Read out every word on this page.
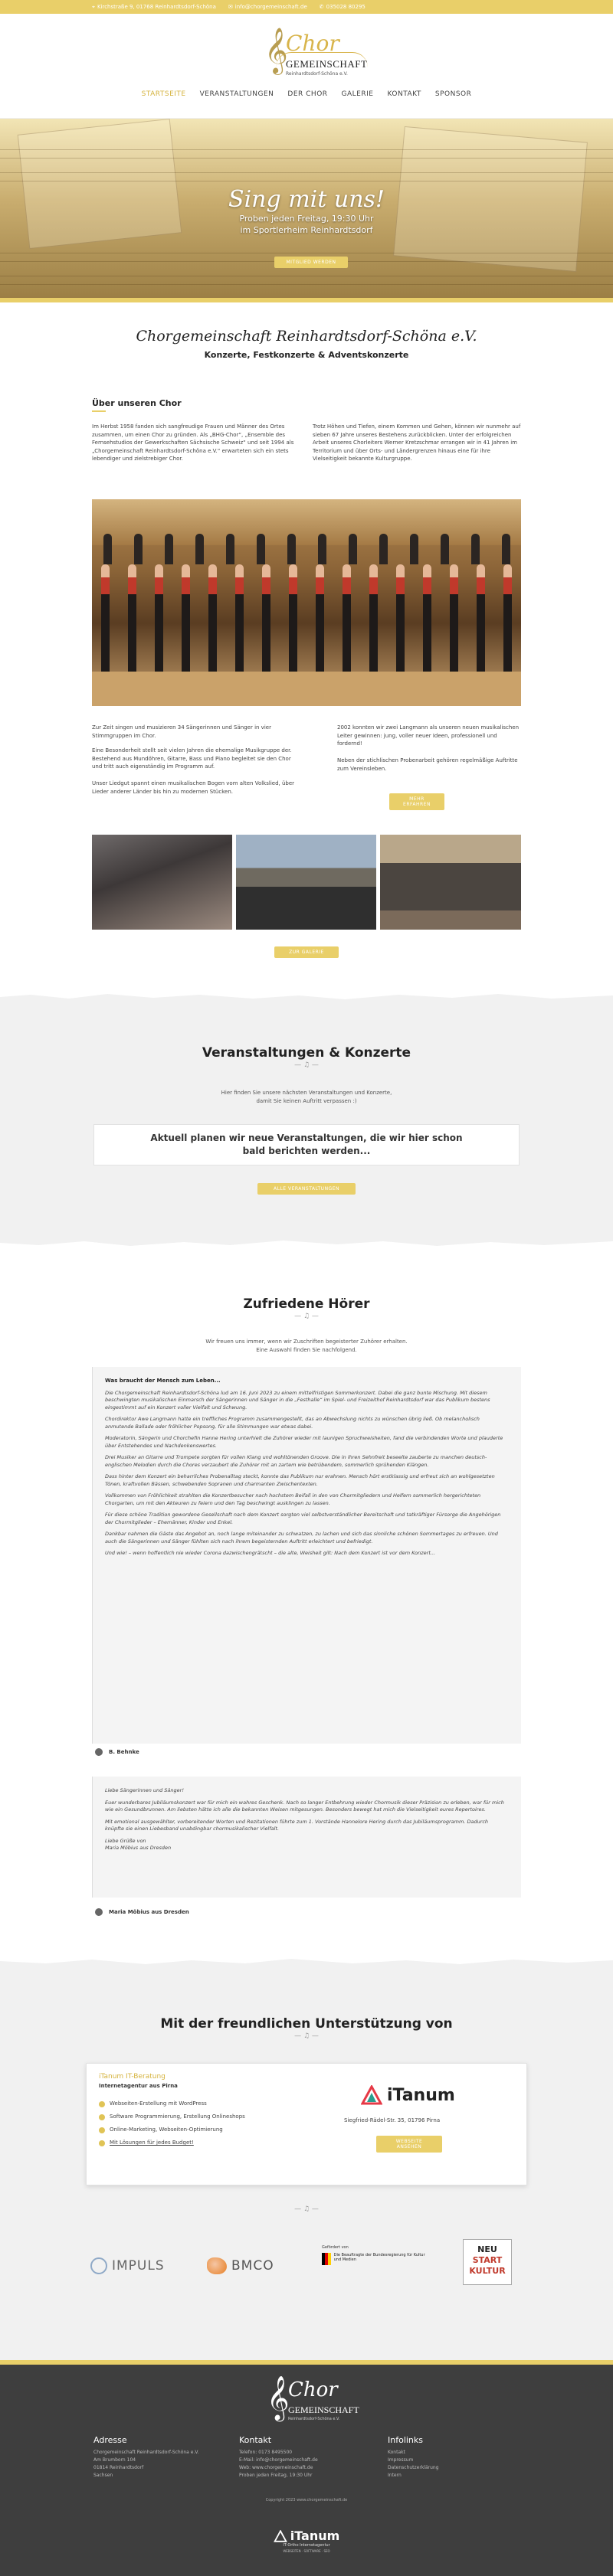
⌖ Kirchstraße 9, 01768 Reinhardtsdorf-Schöna ✉ info@chorgemeinschaft.de ✆ 035028 80295
𝄞
Chor
GEMEINSCHAFT
Reinhardtsdorf-Schöna e.V.
STARTSEITE VERANSTALTUNGEN DER CHOR GALERIE KONTAKT SPONSOR
Sing mit uns!
Proben jeden Freitag, 19:30 Uhr
im Sportlerheim Reinhardtsdorf
MITGLIED WERDEN
Chorgemeinschaft Reinhardtsdorf-Schöna e.V.
Konzerte, Festkonzerte & Adventskonzerte
Über unseren Chor
Im Herbst 1958 fanden sich sangfreudige Frauen und Männer des Ortes zusammen, um einen Chor zu gründen. Als „BHG-Chor“, „Ensemble des Fernsehstudios der Gewerkschaften Sächsische Schweiz“ und seit 1994 als „Chorgemeinschaft Reinhardtsdorf-Schöna e.V.“ erwarteten sich ein stets lebendiger und zielstrebiger Chor.
Trotz Höhen und Tiefen, einem Kommen und Gehen, können wir nunmehr auf sieben 67 Jahre unseres Bestehens zurückblicken. Unter der erfolgreichen Arbeit unseres Chorleiters Werner Kretzschmar errangen wir in 41 Jahren im Territorium und über Orts- und Ländergrenzen hinaus eine für ihre Vielseitigkeit bekannte Kulturgruppe.
Zur Zeit singen und musizieren 34 Sängerinnen und Sänger in vier Stimmgruppen im Chor.
Eine Besonderheit stellt seit vielen Jahren die ehemalige Musikgruppe der. Bestehend aus Mundöhren, Gitarre, Bass und Piano begleitet sie den Chor und tritt auch eigenständig im Programm auf.
Unser Liedgut spannt einen musikalischen Bogen vom alten Volkslied, über Lieder anderer Länder bis hin zu modernen Stücken.
2002 konnten wir zwei Langmann als unseren neuen musikalischen Leiter gewinnen: jung, voller neuer Ideen, professionell und fordernd!
Neben der stichlischen Probenarbeit gehören regelmäßige Auftritte zum Vereinsleben.
MEHR ERFAHREN
ZUR GALERIE
Veranstaltungen & Konzerte
— ♫ —
Hier finden Sie unsere nächsten Veranstaltungen und Konzerte,
damit Sie keinen Auftritt verpassen :)
Aktuell planen wir neue Veranstaltungen, die wir hier schon bald berichten werden...
ALLE VERANSTALTUNGEN
Zufriedene Hörer
— ♫ —
Wir freuen uns immer, wenn wir Zuschriften begeisterter Zuhörer erhalten.
Eine Auswahl finden Sie nachfolgend.

Was braucht der Mensch zum Leben...

Die Chorgemeinschaft Reinhardtsdorf-Schöna lud am 16. Juni 2023 zu einem mittelfristigen Sommerkonzert. Dabei die ganz bunte Mischung. Mit diesem beschwingten musikalischen Einmarsch der Sängerinnen und Sänger in die „Festhalle“ im Spiel- und Freizeithof Reinhardtsdorf war das Publikum bestens eingestimmt auf ein Konzert voller Vielfalt und Schwung.

Chordirektor Awe Langmann hatte ein treffliches Programm zusammengestellt, das an Abwechslung nichts zu wünschen übrig ließ. Ob melancholisch anmutende Ballade oder fröhlicher Popsong, für alle Stimmungen war etwas dabei.

Moderatorin, Sängerin und Chorchefin Hanne Hering unterhielt die Zuhörer wieder mit launigen Spruchweisheiten, fand die verbindenden Worte und plauderte über Entstehendes und Nachdenkenswertes.

Drei Musiker an Gitarre und Trompete sorgten für vollen Klang und wohltönenden Groove. Die in ihren Sehnfreit beseelte zauberte zu manchen deutsch-englischen Melodien durch die Chores verzaubert die Zuhörer mit an zartem wie betrübendem, sommerlich sprühenden Klängen.

Dass hinter dem Konzert ein beharrliches Probenalltag steckt, konnte das Publikum nur erahnen. Mensch hört erstklassig und erfreut sich an wohlgesetzten Tönen, kraftvollen Bässen, schwebenden Sopranen und charmanten Zwischentexten.

Vollkommen von Fröhlichkeit strahlten die Konzertbesucher nach hochstem Beifall in den von Chormitgliedern und Helfern sommerlich hergerichteten Chorgarten, um mit den Akteuren zu feiern und den Tag beschwingt ausklingen zu lassen.

Für diese schöne Tradition gewordene Gesellschaft nach dem Konzert sorgten viel selbstverständlicher Bereitschaft und tatkräftiger Fürsorge die Angehörigen der Chormitglieder – Ehemänner, Kinder und Enkel.

Dankbar nahmen die Gäste das Angebot an, noch lange miteinander zu schwatzen, zu lachen und sich das sinnliche schönen Sommertages zu erfreuen. Und auch die Sängerinnen und Sänger fühlten sich nach ihrem begeisternden Auftritt erleichtert und befriedigt.

Und wie! – wenn hoffentlich nie wieder Corona dazwischengrätscht – die alte, Weisheit gilt: Nach dem Konzert ist vor dem Konzert...

B. Behnke

Liebe Sängerinnen und Sänger!

Euer wunderbares Jubiläumskonzert war für mich ein wahres Geschenk. Nach so langer Entbehrung wieder Chormusik dieser Präzision zu erleben, war für mich wie ein Gesundbrunnen. Am liebsten hätte ich alle die bekannten Weisen mitgesungen. Besonders bewegt hat mich die Vielseitigkeit eures Repertoires.

Mit emotional ausgewählter, vorbereitender Worten und Rezitationen führte zum 1. Vorstände Hannelore Hering durch das Jubiläumsprogramm. Dadurch knüpfte sie einen Liebesband unabdingbar chormusikalischer Vielfalt.

Liebe Grüße von
Maria Möbius aus Dresden

Maria Möbius aus Dresden
Mit der freundlichen Unterstützung von
— ♫ —
iTanum IT-Beratung
Internetagentur aus Pirna
Webseiten-Erstellung mit WordPress
Software Programmierung, Erstellung Onlineshops
Online-Marketing, Webseiten-Optimierung
Mit Lösungen für jedes Budget!
iTanum
Siegfried-Rädel-Str. 35, 01796 Pirna
WEBSEITE ANSEHEN
— ♫ —
IMPULS	BMCO
Gefördert von
Die Beauftragte der Bundesregierung für Kultur und Medien
NEU
START
KULTUR
𝄞
Chor
GEMEINSCHAFT
Reinhardtsdorf-Schöna e.V.
Adresse
Chorgemeinschaft Reinhardtsdorf-Schöna e.V.
Am Brumborn 104
01814 Reinhardtsdorf
Sachsen
Kontakt
Telefon: 0173 8495500
E-Mail: info@chorgemeinschaft.de
Web: www.chorgemeinschaft.de
Proben jeden Freitag, 19:30 Uhr
Infolinks
Kontakt
Impressum
Datenschutzerklärung
Intern
Copyright 2023 www.chorgemeinschaft.de
iTanum
IT-Ortho Internetagentur
WEBSEITEN · SOFTWARE · SEO
